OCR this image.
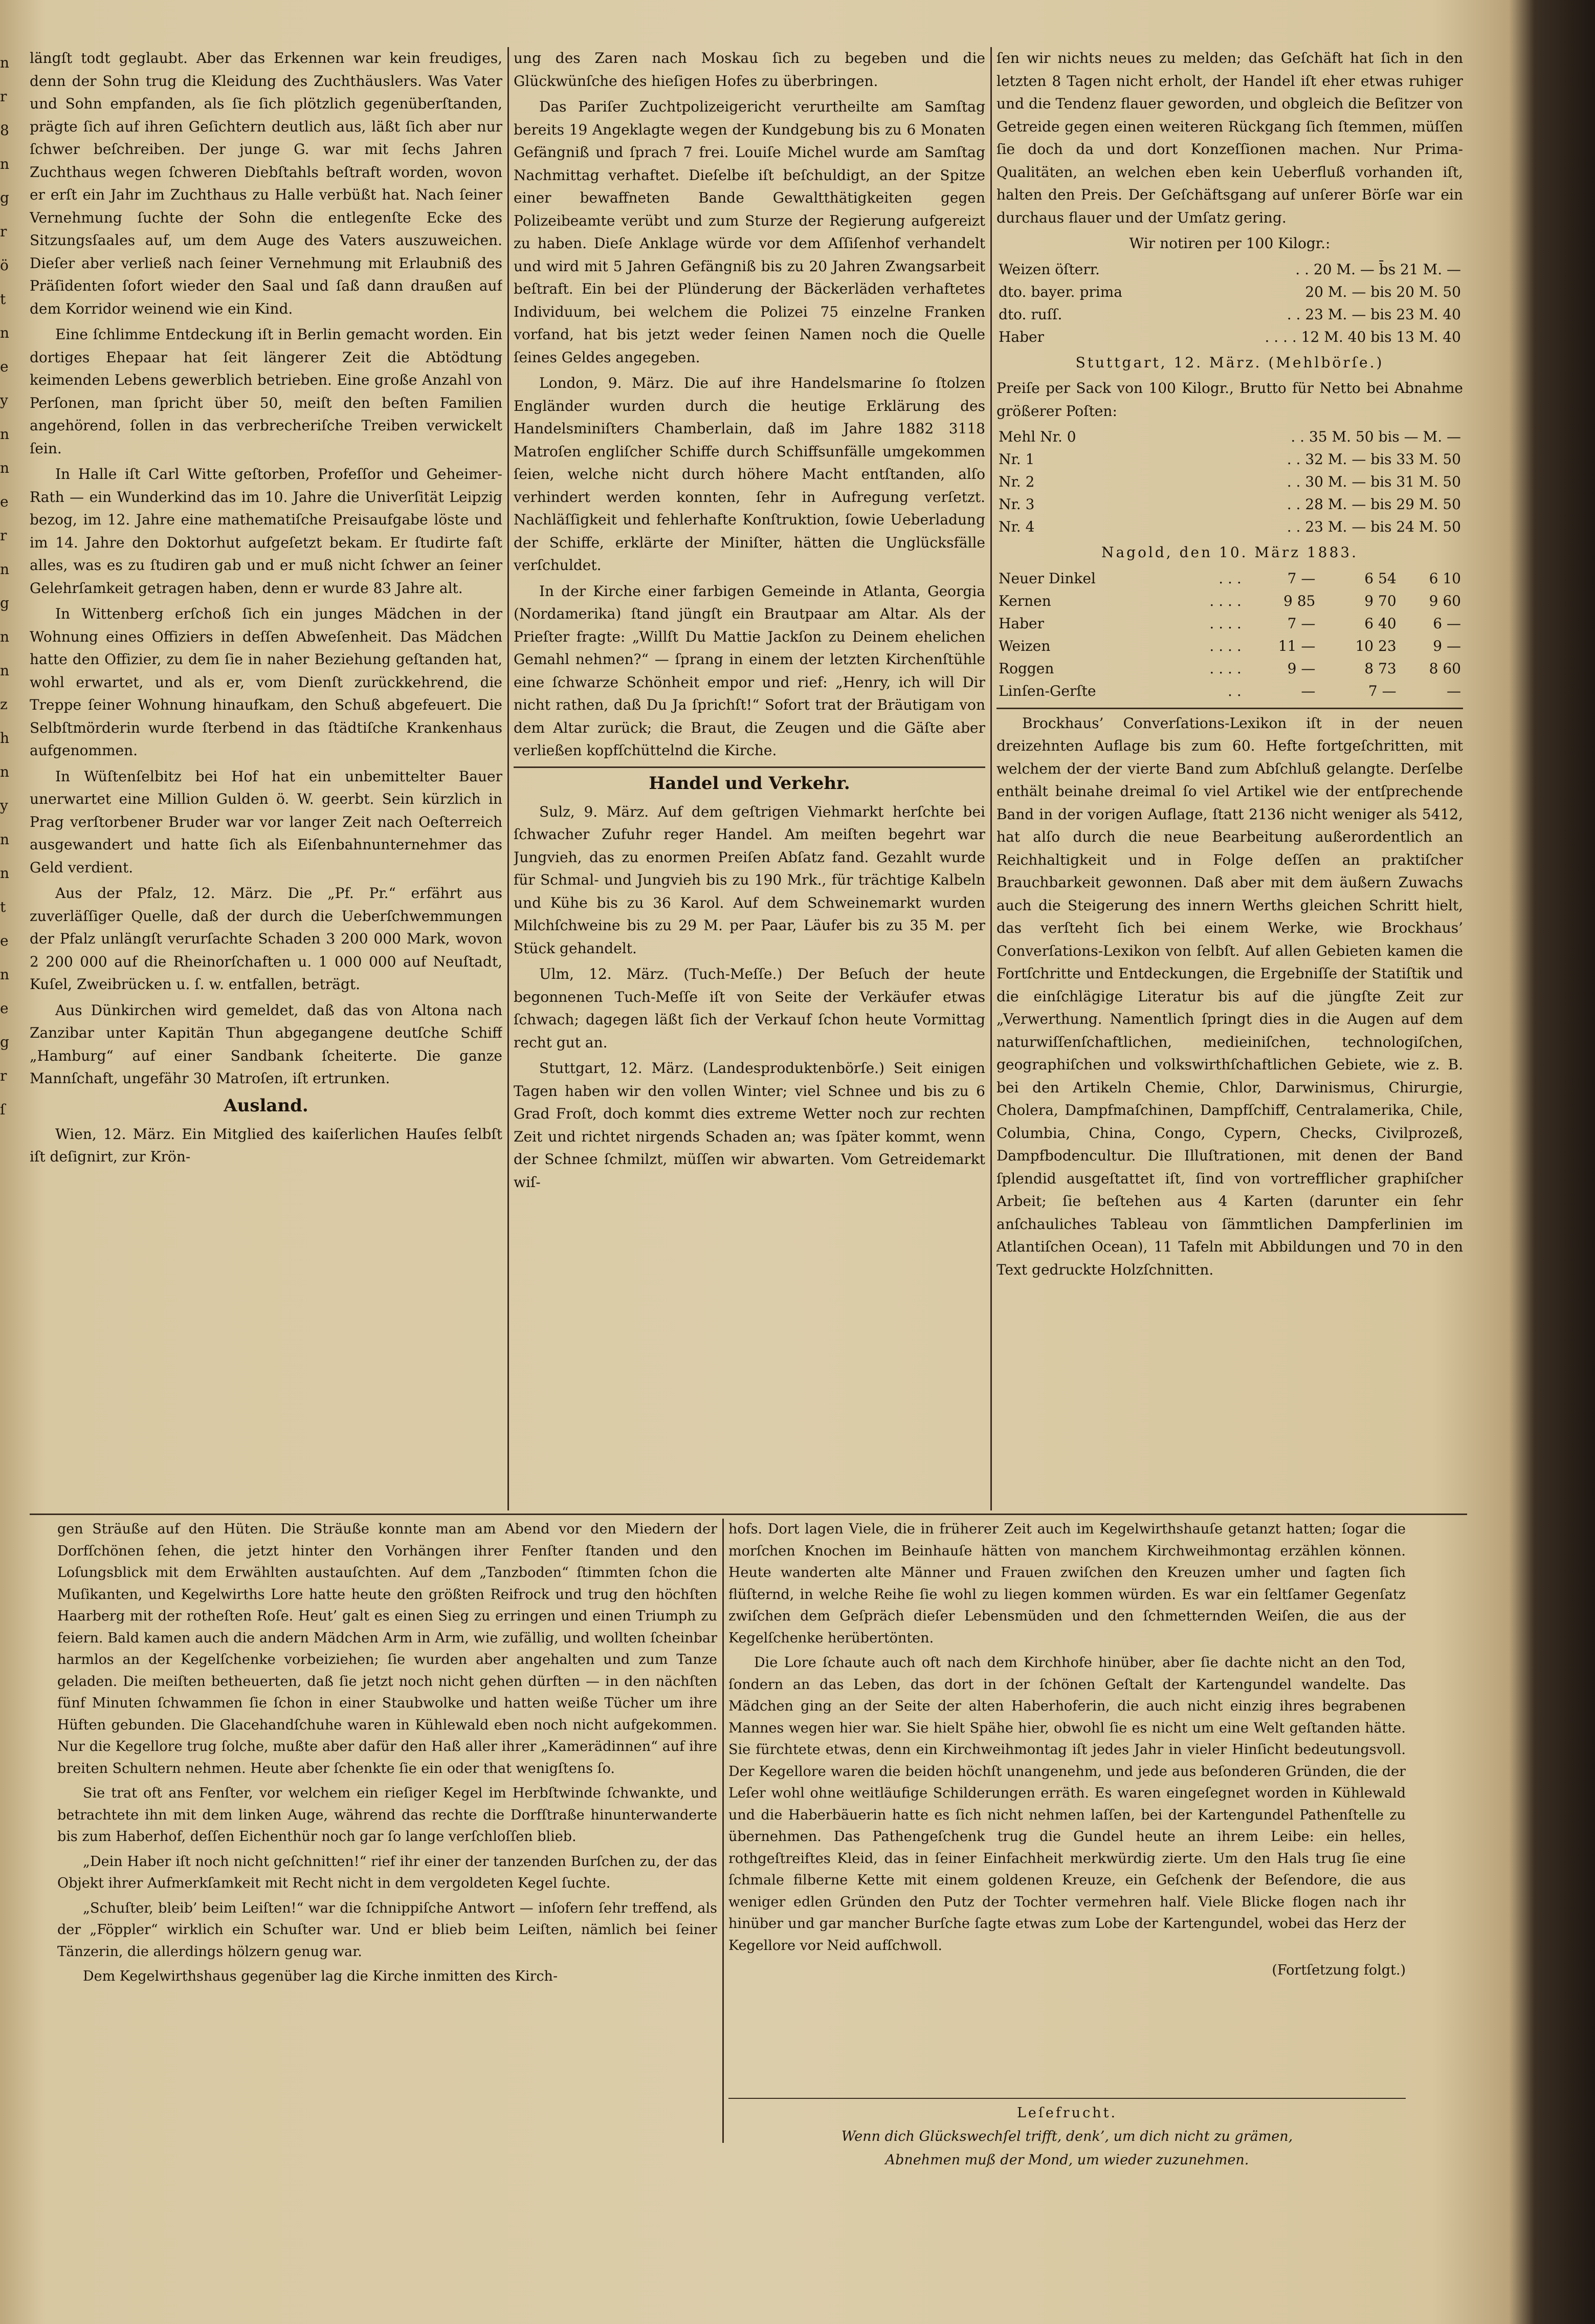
n
r
8
n
g
r
ö
t
n
e
y
n
n
e
r
n
g
n
n
z
h
n
y
n
n
t
e
n
e
g
r
ſ

längſt todt geglaubt. Aber das Erkennen war kein freudiges, denn der Sohn trug die Kleidung des Zuchthäuslers. Was Vater und Sohn empfanden, als ſie ſich plötzlich gegenüberſtanden, prägte ſich auf ihren Geſichtern deutlich aus, läßt ſich aber nur ſchwer beſchreiben. Der junge G. war mit ſechs Jahren Zuchthaus wegen ſchweren Diebſtahls beſtraft worden, wovon er erſt ein Jahr im Zuchthaus zu Halle verbüßt hat. Nach ſeiner Vernehmung ſuchte der Sohn die entlegenſte Ecke des Sitzungsſaales auf, um dem Auge des Vaters auszuweichen. Dieſer aber verließ nach ſeiner Vernehmung mit Erlaubniß des Präſidenten ſofort wieder den Saal und ſaß dann draußen auf dem Korridor weinend wie ein Kind.

Eine ſchlimme Entdeckung iſt in Berlin gemacht worden. Ein dortiges Ehepaar hat ſeit längerer Zeit die Abtödtung keimenden Lebens gewerblich betrieben. Eine große Anzahl von Perſonen, man ſpricht über 50, meiſt den beſten Familien angehörend, ſollen in das verbrecheriſche Treiben verwickelt ſein.

In Halle iſt Carl Witte geſtorben, Profeſſor und Geheimer-Rath — ein Wunderkind das im 10. Jahre die Univerſität Leipzig bezog, im 12. Jahre eine mathematiſche Preisaufgabe löste und im 14. Jahre den Doktorhut aufgeſetzt bekam. Er ſtudirte faſt alles, was es zu ſtudiren gab und er muß nicht ſchwer an ſeiner Gelehrſamkeit getragen haben, denn er wurde 83 Jahre alt.

In Wittenberg erſchoß ſich ein junges Mädchen in der Wohnung eines Offiziers in deſſen Abweſenheit. Das Mädchen hatte den Offizier, zu dem ſie in naher Beziehung geſtanden hat, wohl erwartet, und als er, vom Dienſt zurückkehrend, die Treppe ſeiner Wohnung hinaufkam, den Schuß abgefeuert. Die Selbſtmörderin wurde ſterbend in das ſtädtiſche Krankenhaus aufgenommen.

In Wüſtenſelbitz bei Hof hat ein unbemittelter Bauer unerwartet eine Million Gulden ö. W. geerbt. Sein kürzlich in Prag verſtorbener Bruder war vor langer Zeit nach Oeſterreich ausgewandert und hatte ſich als Eiſenbahnunternehmer das Geld verdient.

Aus der Pfalz, 12. März. Die „Pf. Pr.“ erfährt aus zuverläſſiger Quelle, daß der durch die Ueberſchwemmungen der Pfalz unlängſt verurſachte Schaden 3 200 000 Mark, wovon 2 200 000 auf die Rheinorſchaften u. 1 000 000 auf Neuſtadt, Kuſel, Zweibrücken u. ſ. w. entfallen, beträgt.

Aus Dünkirchen wird gemeldet, daß das von Altona nach Zanzibar unter Kapitän Thun abgegangene deutſche Schiff „Hamburg“ auf einer Sandbank ſcheiterte. Die ganze Mannſchaft, ungefähr 30 Matroſen, iſt ertrunken.

Ausland.

Wien, 12. März. Ein Mitglied des kaiſerlichen Hauſes ſelbſt iſt deſignirt, zur Krön-

ung des Zaren nach Moskau ſich zu begeben und die Glückwünſche des hieſigen Hofes zu überbringen.

Das Pariſer Zuchtpolizeigericht verurtheilte am Samſtag bereits 19 Angeklagte wegen der Kundgebung bis zu 6 Monaten Gefängniß und ſprach 7 frei. Louiſe Michel wurde am Samſtag Nachmittag verhaftet. Dieſelbe iſt beſchuldigt, an der Spitze einer bewaffneten Bande Gewaltthätigkeiten gegen Polizeibeamte verübt und zum Sturze der Regierung aufgereizt zu haben. Dieſe Anklage würde vor dem Aſſiſenhof verhandelt und wird mit 5 Jahren Gefängniß bis zu 20 Jahren Zwangsarbeit beſtraft. Ein bei der Plünderung der Bäckerläden verhaftetes Individuum, bei welchem die Polizei 75 einzelne Franken vorfand, hat bis jetzt weder ſeinen Namen noch die Quelle ſeines Geldes angegeben.

London, 9. März. Die auf ihre Handelsmarine ſo ſtolzen Engländer wurden durch die heutige Erklärung des Handelsminiſters Chamberlain, daß im Jahre 1882 3118 Matroſen engliſcher Schiffe durch Schiffsunfälle umgekommen ſeien, welche nicht durch höhere Macht entſtanden, alſo verhindert werden konnten, ſehr in Aufregung verſetzt. Nachläſſigkeit und fehlerhafte Konſtruktion, ſowie Ueberladung der Schiffe, erklärte der Miniſter, hätten die Unglücksfälle verſchuldet.

In der Kirche einer farbigen Gemeinde in Atlanta, Georgia (Nordamerika) ſtand jüngſt ein Brautpaar am Altar. Als der Prieſter fragte: „Willſt Du Mattie Jackſon zu Deinem ehelichen Gemahl nehmen?“ — ſprang in einem der letzten Kirchenſtühle eine ſchwarze Schönheit empor und rief: „Henry, ich will Dir nicht rathen, daß Du Ja ſprichſt!“ Sofort trat der Bräutigam von dem Altar zurück; die Braut, die Zeugen und die Gäſte aber verließen kopfſchüttelnd die Kirche.

Handel und Verkehr.

Sulz, 9. März. Auf dem geſtrigen Viehmarkt herſchte bei ſchwacher Zufuhr reger Handel. Am meiſten begehrt war Jungvieh, das zu enormen Preiſen Abſatz fand. Gezahlt wurde für Schmal- und Jungvieh bis zu 190 Mrk., für trächtige Kalbeln und Kühe bis zu 36 Karol. Auf dem Schweinemarkt wurden Milchſchweine bis zu 29 M. per Paar, Läufer bis zu 35 M. per Stück gehandelt.

Ulm, 12. März. (Tuch-Meſſe.) Der Beſuch der heute begonnenen Tuch-Meſſe iſt von Seite der Verkäufer etwas ſchwach; dagegen läßt ſich der Verkauf ſchon heute Vormittag recht gut an.

Stuttgart, 12. März. (Landesproduktenbörſe.) Seit einigen Tagen haben wir den vollen Winter; viel Schnee und bis zu 6 Grad Froſt, doch kommt dies extreme Wetter noch zur rechten Zeit und richtet nirgends Schaden an; was ſpäter kommt, wenn der Schnee ſchmilzt, müſſen wir abwarten. Vom Getreidemarkt wiſ-

ſen wir nichts neues zu melden; das Geſchäft hat ſich in den letzten 8 Tagen nicht erholt, der Handel iſt eher etwas ruhiger und die Tendenz flauer geworden, und obgleich die Beſitzer von Getreide gegen einen weiteren Rückgang ſich ſtemmen, müſſen ſie doch da und dort Konzeſſionen machen. Nur Prima-Qualitäten, an welchen eben kein Ueberfluß vorhanden iſt, halten den Preis. Der Geſchäftsgang auf unſerer Börſe war ein durchaus flauer und der Umſatz gering.

Wir notiren per 100 Kilogr.:

Weizen öſterr.	. . 20 M. — b̄s 21 M. —
dto. bayer. prima	20 M. — bis 20 M. 50
dto. ruſſ.	. . 23 M. — bis 23 M. 40
Haber	. . . . 12 M. 40 bis 13 M. 40

Stuttgart, 12. März. (Mehlbörſe.)

Preiſe per Sack von 100 Kilogr., Brutto für Netto bei Abnahme größerer Poſten:

Mehl Nr. 0	. . 35 M. 50 bis — M. —
Nr. 1	. . 32 M. — bis 33 M. 50
Nr. 2	. . 30 M. — bis 31 M. 50
Nr. 3	. . 28 M. — bis 29 M. 50
Nr. 4	. . 23 M. — bis 24 M. 50

Nagold, den 10. März 1883.

Neuer Dinkel	. . .	7 —	6 54	6 10
Kernen	. . . .	9 85	9 70	9 60
Haber	. . . .	7 —	6 40	6 —
Weizen	. . . .	11 —	10 23	9 —
Roggen	. . . .	9 —	8 73	8 60
Linſen-Gerſte	. .	—	7 —	—

Brockhaus’ Converſations-Lexikon iſt in der neuen dreizehnten Auflage bis zum 60. Hefte fortgeſchritten, mit welchem der der vierte Band zum Abſchluß gelangte. Derſelbe enthält beinahe dreimal ſo viel Artikel wie der entſprechende Band in der vorigen Auflage, ſtatt 2136 nicht weniger als 5412, hat alſo durch die neue Bearbeitung außerordentlich an Reichhaltigkeit und in Folge deſſen an praktiſcher Brauchbarkeit gewonnen. Daß aber mit dem äußern Zuwachs auch die Steigerung des innern Werths gleichen Schritt hielt, das verſteht ſich bei einem Werke, wie Brockhaus’ Converſations-Lexikon von ſelbſt. Auf allen Gebieten kamen die Fortſchritte und Entdeckungen, die Ergebniſſe der Statiſtik und die einſchlägige Literatur bis auf die jüngſte Zeit zur „Verwerthung. Namentlich ſpringt dies in die Augen auf dem naturwiſſenſchaftlichen, medieiniſchen, technologiſchen, geographiſchen und volkswirthſchaftlichen Gebiete, wie z. B. bei den Artikeln Chemie, Chlor, Darwinismus, Chirurgie, Cholera, Dampfmaſchinen, Dampfſchiff, Centralamerika, Chile, Columbia, China, Congo, Cypern, Checks, Civilprozeß, Dampfbodencultur. Die Illuſtrationen, mit denen der Band ſplendid ausgeſtattet iſt, ſind von vortrefflicher graphiſcher Arbeit; ſie beſtehen aus 4 Karten (darunter ein ſehr anſchauliches Tableau von ſämmtlichen Dampferlinien im Atlantiſchen Ocean), 11 Tafeln mit Abbildungen und 70 in den Text gedruckte Holzſchnitten.

gen Sträuße auf den Hüten. Die Sträuße konnte man am Abend vor den Miedern der Dorfſchönen ſehen, die jetzt hinter den Vorhängen ihrer Fenſter ſtanden und den Loſungsblick mit dem Erwählten austauſchten. Auf dem „Tanzboden“ ſtimmten ſchon die Muſikanten, und Kegelwirths Lore hatte heute den größten Reifrock und trug den höchſten Haarberg mit der rotheſten Roſe. Heut’ galt es einen Sieg zu erringen und einen Triumph zu feiern. Bald kamen auch die andern Mädchen Arm in Arm, wie zufällig, und wollten ſcheinbar harmlos an der Kegelſchenke vorbeiziehen; ſie wurden aber angehalten und zum Tanze geladen. Die meiſten betheuerten, daß ſie jetzt noch nicht gehen dürften — in den nächſten fünf Minuten ſchwammen ſie ſchon in einer Staubwolke und hatten weiße Tücher um ihre Hüften gebunden. Die Glacehandſchuhe waren in Kühlewald eben noch nicht aufgekommen. Nur die Kegellore trug ſolche, mußte aber dafür den Haß aller ihrer „Kamerädinnen“ auf ihre breiten Schultern nehmen. Heute aber ſchenkte ſie ein oder that wenigſtens ſo.

Sie trat oft ans Fenſter, vor welchem ein rieſiger Kegel im Herbſtwinde ſchwankte, und betrachtete ihn mit dem linken Auge, während das rechte die Dorfſtraße hinunterwanderte bis zum Haberhof, deſſen Eichenthür noch gar ſo lange verſchloſſen blieb.

„Dein Haber iſt noch nicht geſchnitten!“ rief ihr einer der tanzenden Burſchen zu, der das Objekt ihrer Aufmerkſamkeit mit Recht nicht in dem vergoldeten Kegel ſuchte.

„Schuſter, bleib’ beim Leiſten!“ war die ſchnippiſche Antwort — inſofern ſehr treffend, als der „Föppler“ wirklich ein Schuſter war. Und er blieb beim Leiſten, nämlich bei ſeiner Tänzerin, die allerdings hölzern genug war.

Dem Kegelwirthshaus gegenüber lag die Kirche inmitten des Kirch-

hofs. Dort lagen Viele, die in früherer Zeit auch im Kegelwirthshauſe getanzt hatten; ſogar die morſchen Knochen im Beinhauſe hätten von manchem Kirchweihmontag erzählen können. Heute wanderten alte Männer und Frauen zwiſchen den Kreuzen umher und ſagten ſich flüſternd, in welche Reihe ſie wohl zu liegen kommen würden. Es war ein ſeltſamer Gegenſatz zwiſchen dem Geſpräch dieſer Lebensmüden und den ſchmetternden Weiſen, die aus der Kegelſchenke herübertönten.

Die Lore ſchaute auch oft nach dem Kirchhofe hinüber, aber ſie dachte nicht an den Tod, ſondern an das Leben, das dort in der ſchönen Geſtalt der Kartengundel wandelte. Das Mädchen ging an der Seite der alten Haberhoferin, die auch nicht einzig ihres begrabenen Mannes wegen hier war. Sie hielt Spähe hier, obwohl ſie es nicht um eine Welt geſtanden hätte. Sie fürchtete etwas, denn ein Kirchweihmontag iſt jedes Jahr in vieler Hinſicht bedeutungsvoll. Der Kegellore waren die beiden höchſt unangenehm, und jede aus beſonderen Gründen, die der Leſer wohl ohne weitläufige Schilderungen erräth. Es waren eingeſegnet worden in Kühlewald und die Haberbäuerin hatte es ſich nicht nehmen laſſen, bei der Kartengundel Pathenſtelle zu übernehmen. Das Pathengeſchenk trug die Gundel heute an ihrem Leibe: ein helles, rothgeſtreiftes Kleid, das in ſeiner Einfachheit merkwürdig zierte. Um den Hals trug ſie eine ſchmale filberne Kette mit einem goldenen Kreuze, ein Geſchenk der Beſendore, die aus weniger edlen Gründen den Putz der Tochter vermehren half. Viele Blicke flogen nach ihr hinüber und gar mancher Burſche ſagte etwas zum Lobe der Kartengundel, wobei das Herz der Kegellore vor Neid aufſchwoll.

(Fortſetzung folgt.)

Leſefrucht.

Wenn dich Glückswechſel trifft, denk’, um dich nicht zu grämen,

Abnehmen muß der Mond, um wieder zuzunehmen.
